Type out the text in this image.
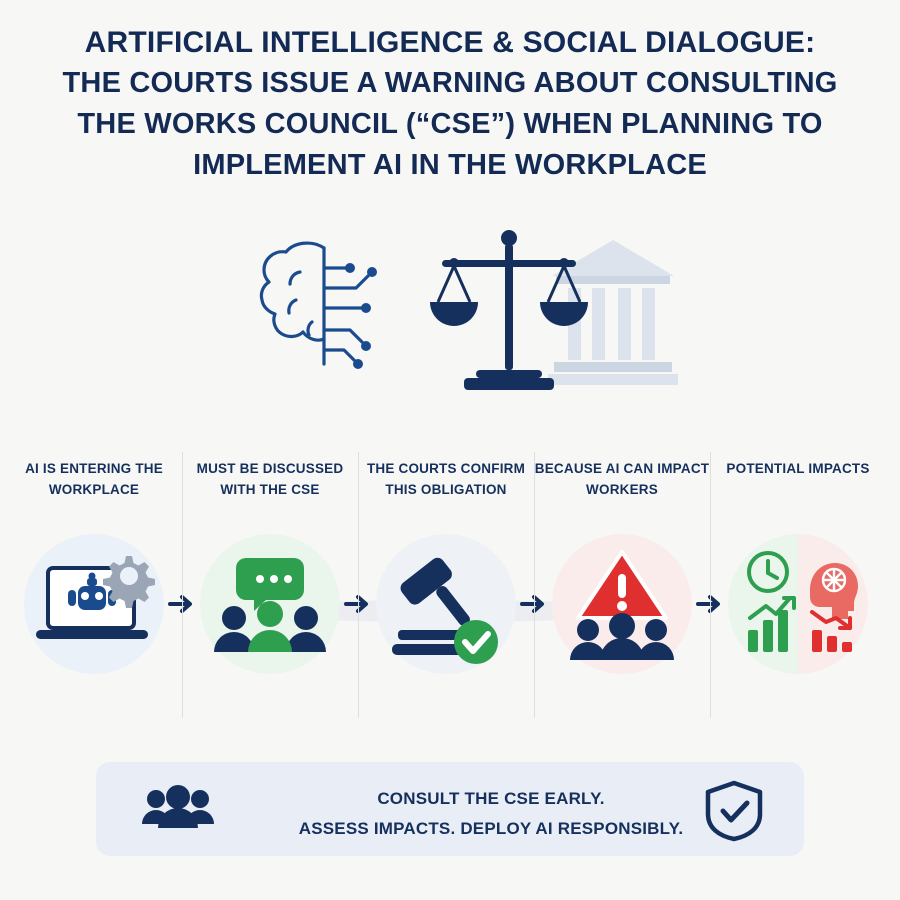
ARTIFICIAL INTELLIGENCE & SOCIAL DIALOGUE:
THE COURTS ISSUE A WARNING ABOUT CONSULTING
THE WORKS COUNCIL (“CSE”) WHEN PLANNING TO
IMPLEMENT AI IN THE WORKPLACE
AI IS ENTERING THE WORKPLACE
MUST BE DISCUSSED WITH THE CSE
THE COURTS CONFIRM THIS OBLIGATION
BECAUSE AI CAN IMPACT WORKERS
POTENTIAL IMPACTS
CONSULT THE CSE EARLY.
ASSESS IMPACTS. DEPLOY AI RESPONSIBLY.
